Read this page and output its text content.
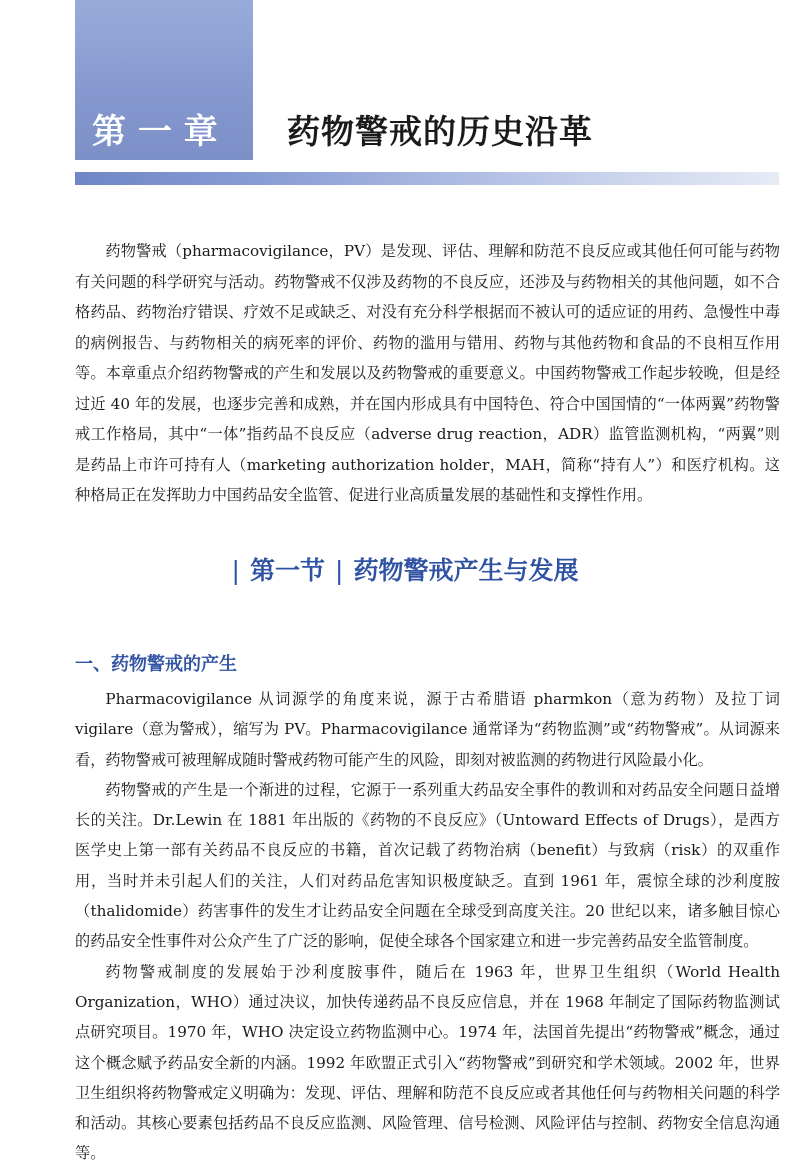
第 一 章 药物警戒的历史沿革

药物警戒（pharmacovigilance，PV）是发现、评估、理解和防范不良反应或其他任何可能与药物有关问题的科学研究与活动。药物警戒不仅涉及药物的不良反应，还涉及与药物相关的其他问题，如不合格药品、药物治疗错误、疗效不足或缺乏、对没有充分科学根据而不被认可的适应证的用药、急慢性中毒的病例报告、与药物相关的病死率的评价、药物的滥用与错用、药物与其他药物和食品的不良相互作用等。本章重点介绍药物警戒的产生和发展以及药物警戒的重要意义。中国药物警戒工作起步较晚，但是经过近 40 年的发展，也逐步完善和成熟，并在国内形成具有中国特色、符合中国国情的“一体两翼”药物警戒工作格局，其中“一体”指药品不良反应（adverse drug reaction，ADR）监管监测机构，“两翼”则是药品上市许可持有人（marketing authorization holder，MAH，简称“持有人”）和医疗机构。这种格局正在发挥助力中国药品安全监管、促进行业高质量发展的基础性和支撑性作用。

| 第一节 | 药物警戒产生与发展
一、药物警戒的产生

Pharmacovigilance 从词源学的角度来说，源于古希腊语 pharmkon（意为药物）及拉丁词 vigilare（意为警戒），缩写为 PV。Pharmacovigilance 通常译为“药物监测”或“药物警戒”。从词源来看，药物警戒可被理解成随时警戒药物可能产生的风险，即刻对被监测的药物进行风险最小化。

药物警戒的产生是一个渐进的过程，它源于一系列重大药品安全事件的教训和对药品安全问题日益增长的关注。Dr.Lewin 在 1881 年出版的《药物的不良反应》（Untoward Effects of Drugs），是西方医学史上第一部有关药品不良反应的书籍，首次记载了药物治病（benefit）与致病（risk）的双重作用，当时并未引起人们的关注，人们对药品危害知识极度缺乏。直到 1961 年，震惊全球的沙利度胺（thalidomide）药害事件的发生才让药品安全问题在全球受到高度关注。20 世纪以来，诸多触目惊心的药品安全性事件对公众产生了广泛的影响，促使全球各个国家建立和进一步完善药品安全监管制度。

药物警戒制度的发展始于沙利度胺事件，随后在 1963 年，世界卫生组织（World Health Organization，WHO）通过决议，加快传递药品不良反应信息，并在 1968 年制定了国际药物监测试点研究项目。1970 年，WHO 决定设立药物监测中心。1974 年，法国首先提出“药物警戒”概念，通过这个概念赋予药品安全新的内涵。1992 年欧盟正式引入“药物警戒”到研究和学术领域。2002 年，世界卫生组织将药物警戒定义明确为：发现、评估、理解和防范不良反应或者其他任何与药物相关问题的科学和活动。其核心要素包括药品不良反应监测、风险管理、信号检测、风险评估与控制、药物安全信息沟通等。
